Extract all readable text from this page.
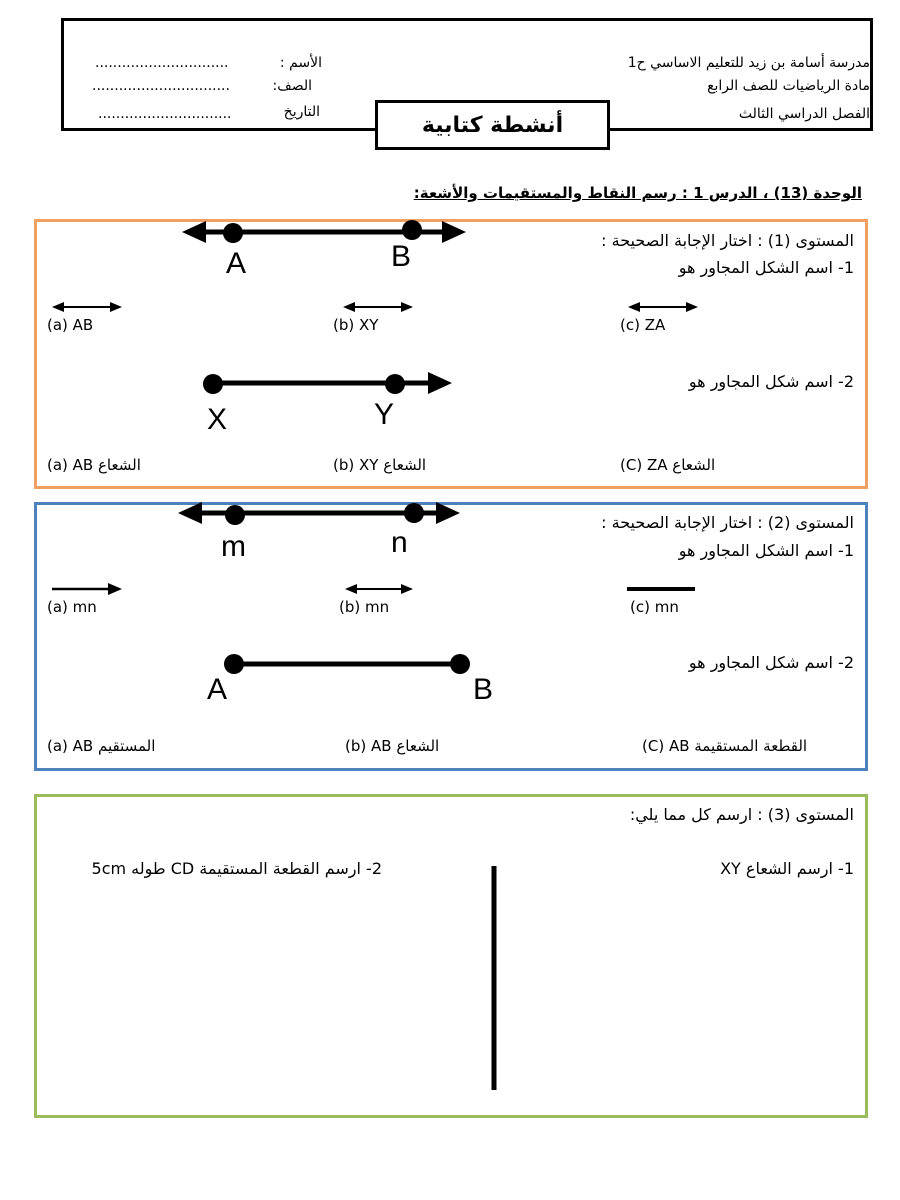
مدرسة أسامة بن زيد للتعليم الاساسي ح1
مادة الرياضيات للصف الرابع
الفصل الدراسي الثالث
الأسم :
..............................
الصف:
...............................
التاريخ
..............................	أنشطة كتابية
الوحدة (13) ، الدرس 1 : رسم النقاط والمستقيمات والأشعة:
المستوى (1) : اختار الإجابة الصحيحة :
1- اسم الشكل المجاور هو
A	B
(a) AB	(b) XY	(c) ZA
2- اسم شكل المجاور هو
X	Y
(a) AB الشعاع	(b) XY الشعاع	(C) ZA الشعاع
المستوى (2) : اختار الإجابة الصحيحة :
1- اسم الشكل المجاور هو
m	n
(a) mn	(b) mn	(c) mn
2- اسم شكل المجاور هو
A	B
(a) AB المستقيم	(b) AB الشعاع	(C) AB القطعة المستقيمة
المستوى (3) : ارسم كل مما يلي:
1- ارسم الشعاع XY
2- ارسم القطعة المستقيمة CD طوله 5cm
